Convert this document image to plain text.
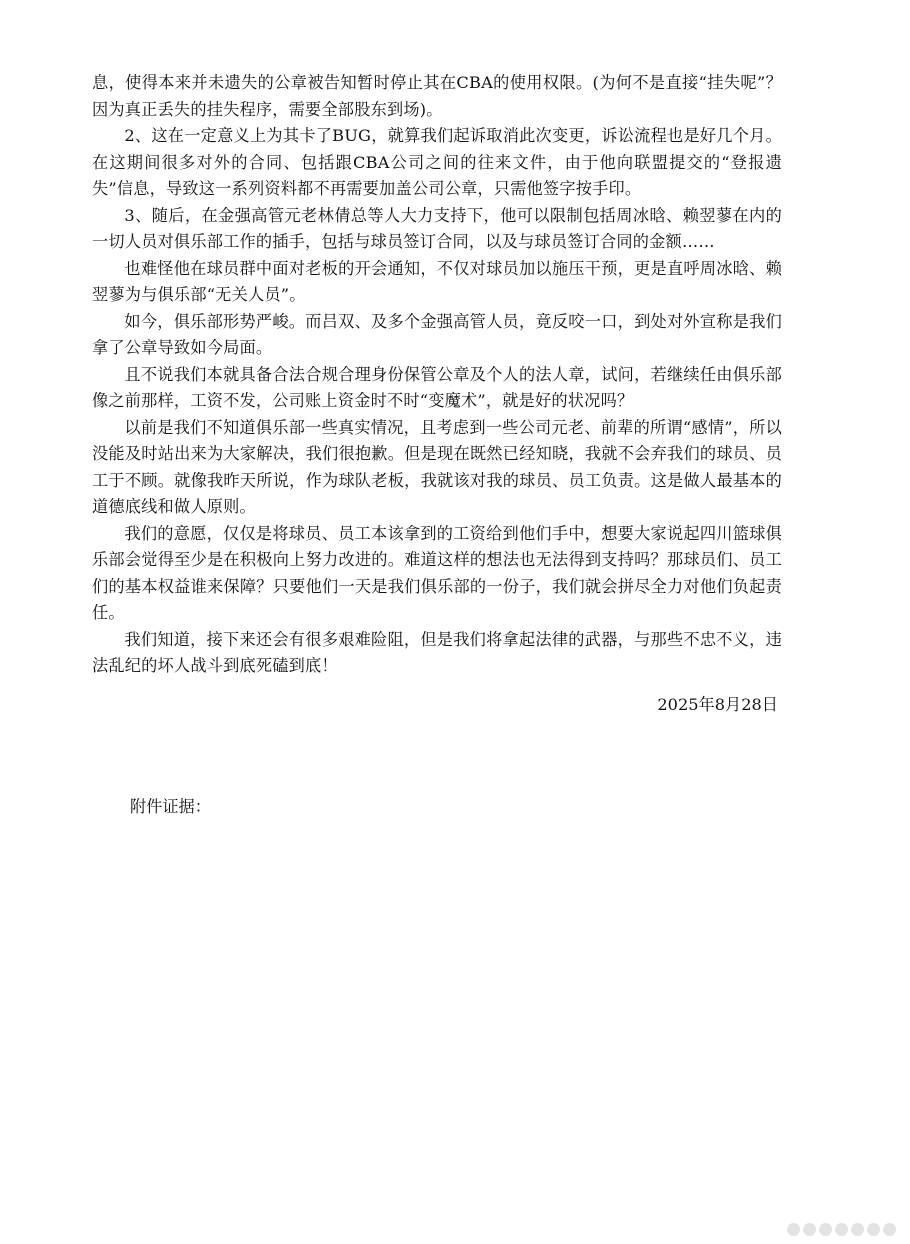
息，使得本来并未遗失的公章被告知暂时停止其在CBA的使用权限。(为何不是直接“挂失呢”？因为真正丢失的挂失程序，需要全部股东到场)。

2、这在一定意义上为其卡了BUG，就算我们起诉取消此次变更，诉讼流程也是好几个月。在这期间很多对外的合同、包括跟CBA公司之间的往来文件，由于他向联盟提交的“登报遗失”信息，导致这一系列资料都不再需要加盖公司公章，只需他签字按手印。

3、随后，在金强高管元老林倩总等人大力支持下，他可以限制包括周冰晗、赖翌蓼在内的一切人员对俱乐部工作的插手，包括与球员签订合同，以及与球员签订合同的金额……

也难怪他在球员群中面对老板的开会通知，不仅对球员加以施压干预，更是直呼周冰晗、赖翌蓼为与俱乐部“无关人员”。

如今，俱乐部形势严峻。而吕双、及多个金强高管人员，竟反咬一口，到处对外宣称是我们拿了公章导致如今局面。

且不说我们本就具备合法合规合理身份保管公章及个人的法人章，试问，若继续任由俱乐部像之前那样，工资不发，公司账上资金时不时“变魔术”，就是好的状况吗？

以前是我们不知道俱乐部一些真实情况，且考虑到一些公司元老、前辈的所谓“感情”，所以没能及时站出来为大家解决，我们很抱歉。但是现在既然已经知晓，我就不会弃我们的球员、员工于不顾。就像我昨天所说，作为球队老板，我就该对我的球员、员工负责。这是做人最基本的道德底线和做人原则。

我们的意愿，仅仅是将球员、员工本该拿到的工资给到他们手中，想要大家说起四川篮球俱乐部会觉得至少是在积极向上努力改进的。难道这样的想法也无法得到支持吗？那球员们、员工们的基本权益谁来保障？只要他们一天是我们俱乐部的一份子，我们就会拼尽全力对他们负起责任。

我们知道，接下来还会有很多艰难险阻，但是我们将拿起法律的武器，与那些不忠不义，违法乱纪的坏人战斗到底死磕到底！

2025年8月28日
附件证据：
